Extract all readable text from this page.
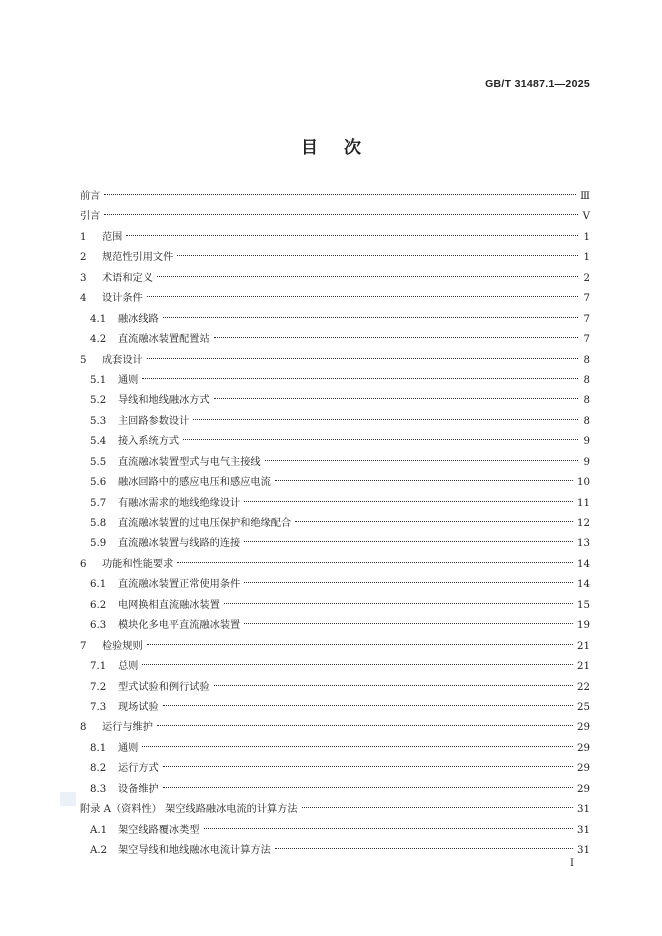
GB/T 31487.1—2025
目次
前言	Ⅲ
引言	Ⅴ
1	范围	1
2	规范性引用文件	1
3	术语和定义	2
4	设计条件	7
4.1	融冰线路	7
4.2	直流融冰装置配置站	7
5	成套设计	8
5.1	通则	8
5.2	导线和地线融冰方式	8
5.3	主回路参数设计	8
5.4	接入系统方式	9
5.5	直流融冰装置型式与电气主接线	9
5.6	融冰回路中的感应电压和感应电流	10
5.7	有融冰需求的地线绝缘设计	11
5.8	直流融冰装置的过电压保护和绝缘配合	12
5.9	直流融冰装置与线路的连接	13
6	功能和性能要求	14
6.1	直流融冰装置正常使用条件	14
6.2	电网换相直流融冰装置	15
6.3	模块化多电平直流融冰装置	19
7	检验规则	21
7.1	总则	21
7.2	型式试验和例行试验	22
7.3	现场试验	25
8	运行与维护	29
8.1	通则	29
8.2	运行方式	29
8.3	设备维护	29
附录 A（资料性） 架空线路融冰电流的计算方法	31
A.1	架空线路覆冰类型	31
A.2	架空导线和地线融冰电流计算方法	31
I
